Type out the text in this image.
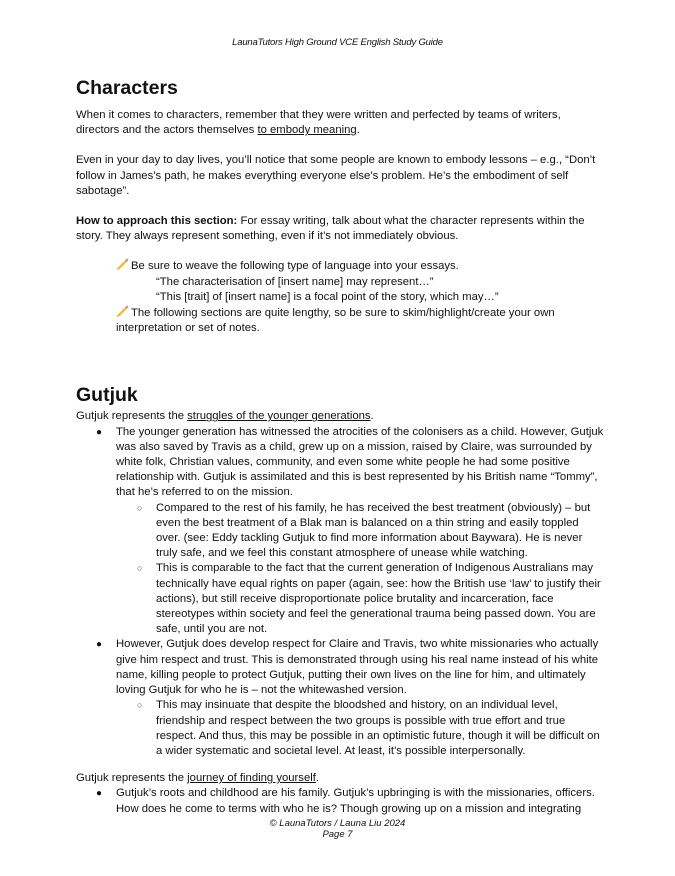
LaunaTutors High Ground VCE English Study Guide
Characters

When it comes to characters, remember that they were written and perfected by teams of writers,
directors and the actors themselves to embody meaning.

Even in your day to day lives, you’ll notice that some people are known to embody lessons – e.g., “Don’t
follow in James’s path, he makes everything everyone else’s problem. He’s the embodiment of self
sabotage”.

How to approach this section: For essay writing, talk about what the character represents within the
story. They always represent something, even if it’s not immediately obvious.

Be sure to weave the following type of language into your essays.
“The characterisation of [insert name] may represent…”
“This [trait] of [insert name] is a focal point of the story, which may…”
The following sections are quite lengthy, so be sure to skim/highlight/create your own
interpretation or set of notes.
Gutjuk

Gutjuk represents the struggles of the younger generations.

● The younger generation has witnessed the atrocities of the colonisers as a child. However, Gutjuk
was also saved by Travis as a child, grew up on a mission, raised by Claire, was surrounded by
white folk, Christian values, community, and even some white people he had some positive
relationship with. Gutjuk is assimilated and this is best represented by his British name “Tommy”,
that he’s referred to on the mission.
○ Compared to the rest of his family, he has received the best treatment (obviously) – but
even the best treatment of a Blak man is balanced on a thin string and easily toppled
over. (see: Eddy tackling Gutjuk to find more information about Baywara). He is never
truly safe, and we feel this constant atmosphere of unease while watching.
○ This is comparable to the fact that the current generation of Indigenous Australians may
technically have equal rights on paper (again, see: how the British use ‘law’ to justify their
actions), but still receive disproportionate police brutality and incarceration, face
stereotypes within society and feel the generational trauma being passed down. You are
safe, until you are not.
● However, Gutjuk does develop respect for Claire and Travis, two white missionaries who actually
give him respect and trust. This is demonstrated through using his real name instead of his white
name, killing people to protect Gutjuk, putting their own lives on the line for him, and ultimately
loving Gutjuk for who he is – not the whitewashed version.
○ This may insinuate that despite the bloodshed and history, on an individual level,
friendship and respect between the two groups is possible with true effort and true
respect. And thus, this may be possible in an optimistic future, though it will be difficult on
a wider systematic and societal level. At least, it’s possible interpersonally.

Gutjuk represents the journey of finding yourself.

● Gutjuk’s roots and childhood are his family. Gutjuk’s upbringing is with the missionaries, officers.
How does he come to terms with who he is? Though growing up on a mission and integrating
© LaunaTutors / Launa Liu 2024
Page 7
